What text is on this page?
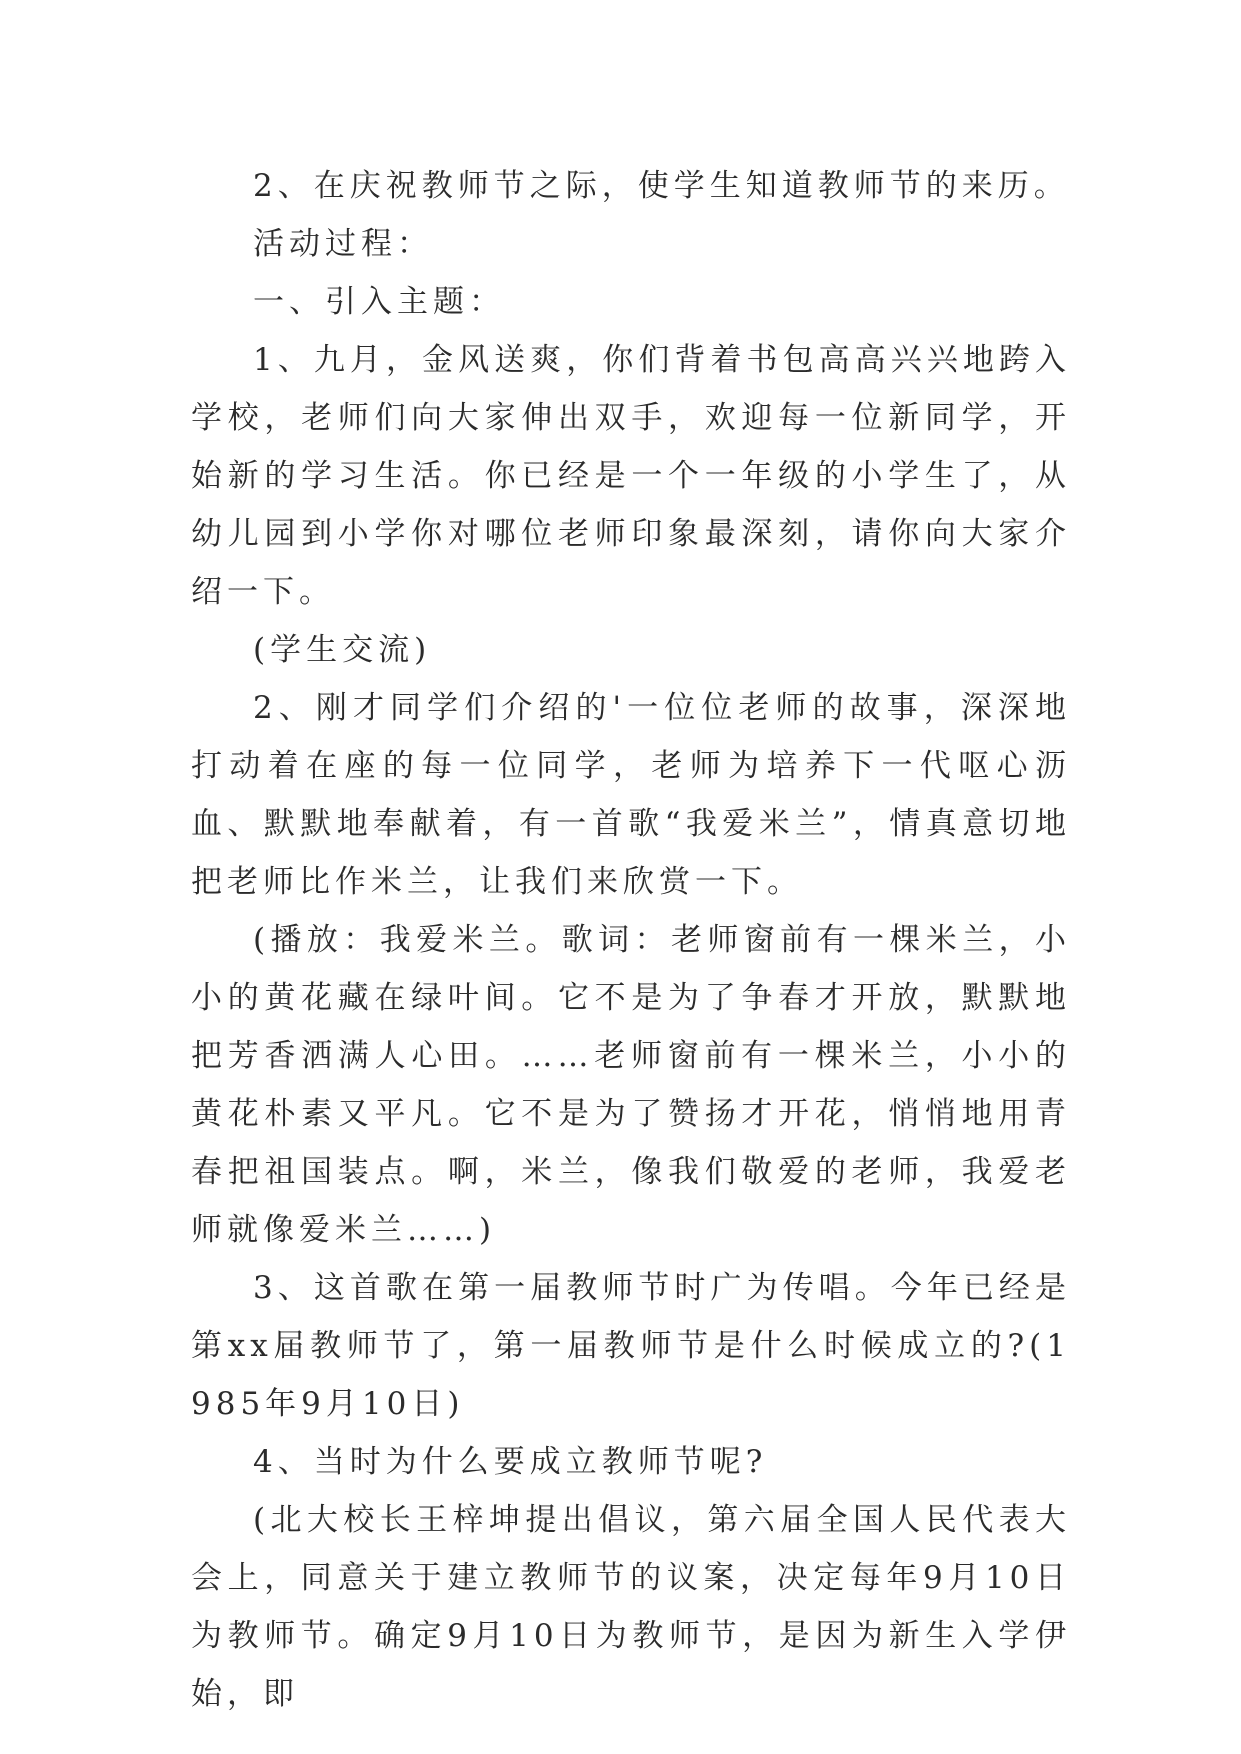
2、在庆祝教师节之际，使学生知道教师节的来历。

活动过程：

一、引入主题：

1、九月，金风送爽，你们背着书包高高兴兴地跨入学校，老师们向大家伸出双手，欢迎每一位新同学，开始新的学习生活。你已经是一个一年级的小学生了，从幼儿园到小学你对哪位老师印象最深刻，请你向大家介绍一下。

(学生交流)

2、刚才同学们介绍的'一位位老师的故事，深深地打动着在座的每一位同学，老师为培养下一代呕心沥血、默默地奉献着，有一首歌“我爱米兰”，情真意切地把老师比作米兰，让我们来欣赏一下。

(播放：我爱米兰。歌词：老师窗前有一棵米兰，小小的黄花藏在绿叶间。它不是为了争春才开放，默默地把芳香洒满人心田。……老师窗前有一棵米兰，小小的黄花朴素又平凡。它不是为了赞扬才开花，悄悄地用青春把祖国装点。啊，米兰，像我们敬爱的老师，我爱老师就像爱米兰……)

3、这首歌在第一届教师节时广为传唱。今年已经是第xx届教师节了，第一届教师节是什么时候成立的?(1985年9月10日)

4、当时为什么要成立教师节呢?

(北大校长王梓坤提出倡议，第六届全国人民代表大会上，同意关于建立教师节的议案，决定每年9月10日为教师节。确定9月10日为教师节，是因为新生入学伊始，即
